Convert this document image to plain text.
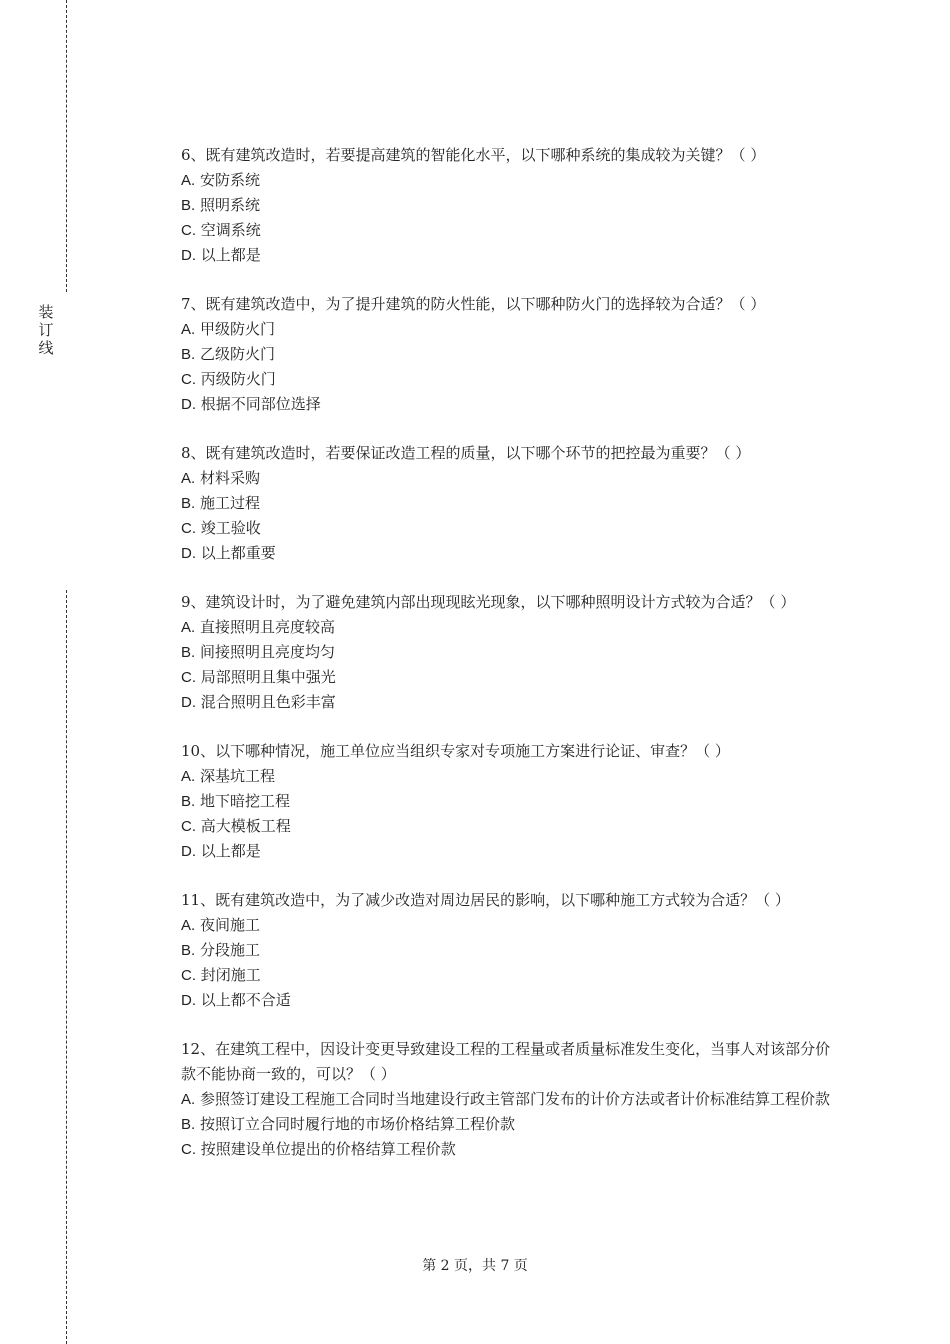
装订线

6、既有建筑改造时，若要提高建筑的智能化水平，以下哪种系统的集成较为关键？（ ）

A. 安防系统

B. 照明系统

C. 空调系统

D. 以上都是

7、既有建筑改造中，为了提升建筑的防火性能，以下哪种防火门的选择较为合适？（ ）

A. 甲级防火门

B. 乙级防火门

C. 丙级防火门

D. 根据不同部位选择

8、既有建筑改造时，若要保证改造工程的质量，以下哪个环节的把控最为重要？（ ）

A. 材料采购

B. 施工过程

C. 竣工验收

D. 以上都重要

9、建筑设计时，为了避免建筑内部出现现眩光现象，以下哪种照明设计方式较为合适？（ ）

A. 直接照明且亮度较高

B. 间接照明且亮度均匀

C. 局部照明且集中强光

D. 混合照明且色彩丰富

10、以下哪种情况，施工单位应当组织专家对专项施工方案进行论证、审查？（ ）

A. 深基坑工程

B. 地下暗挖工程

C. 高大模板工程

D. 以上都是

11、既有建筑改造中，为了减少改造对周边居民的影响，以下哪种施工方式较为合适？（ ）

A. 夜间施工

B. 分段施工

C. 封闭施工

D. 以上都不合适

12、在建筑工程中，因设计变更导致建设工程的工程量或者质量标准发生变化，当事人对该部分价款不能协商一致的，可以？（ ）

A. 参照签订建设工程施工合同时当地建设行政主管部门发布的计价方法或者计价标准结算工程价款

B. 按照订立合同时履行地的市场价格结算工程价款

C. 按照建设单位提出的价格结算工程价款

第 2 页，共 7 页
